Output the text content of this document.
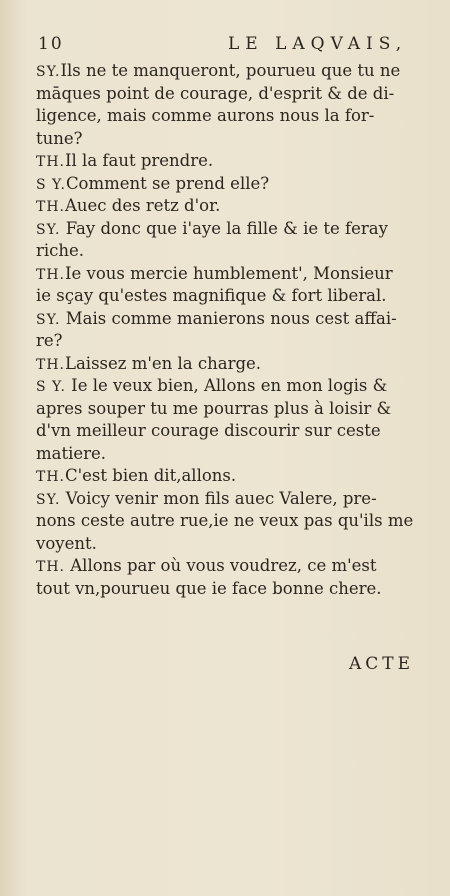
10	LE LAQVAIS,
SY.Ils ne te manqueront, pourueu que tu ne
māques point de courage, d'esprit & de di-
ligence, mais comme aurons nous la for-
tune?
TH.Il la faut prendre.
S Y.Comment se prend elle?
TH.Auec des retz d'or.
SY. Fay donc que i'aye la fille & ie te feray
riche.
TH.Ie vous mercie humblement', Monsieur
ie sçay qu'estes magnifique & fort liberal.
SY. Mais comme manierons nous cest affai-
re?
TH.Laissez m'en la charge.
S Y. Ie le veux bien, Allons en mon logis &
apres souper tu me pourras plus à loisir &
d'vn meilleur courage discourir sur ceste
matiere.
TH.C'est bien dit,allons.
SY. Voicy venir mon fils auec Valere, pre-
nons ceste autre rue,ie ne veux pas qu'ils me
voyent.
TH. Allons par où vous voudrez, ce m'est
tout vn,pourueu que ie face bonne chere.
ACTE
